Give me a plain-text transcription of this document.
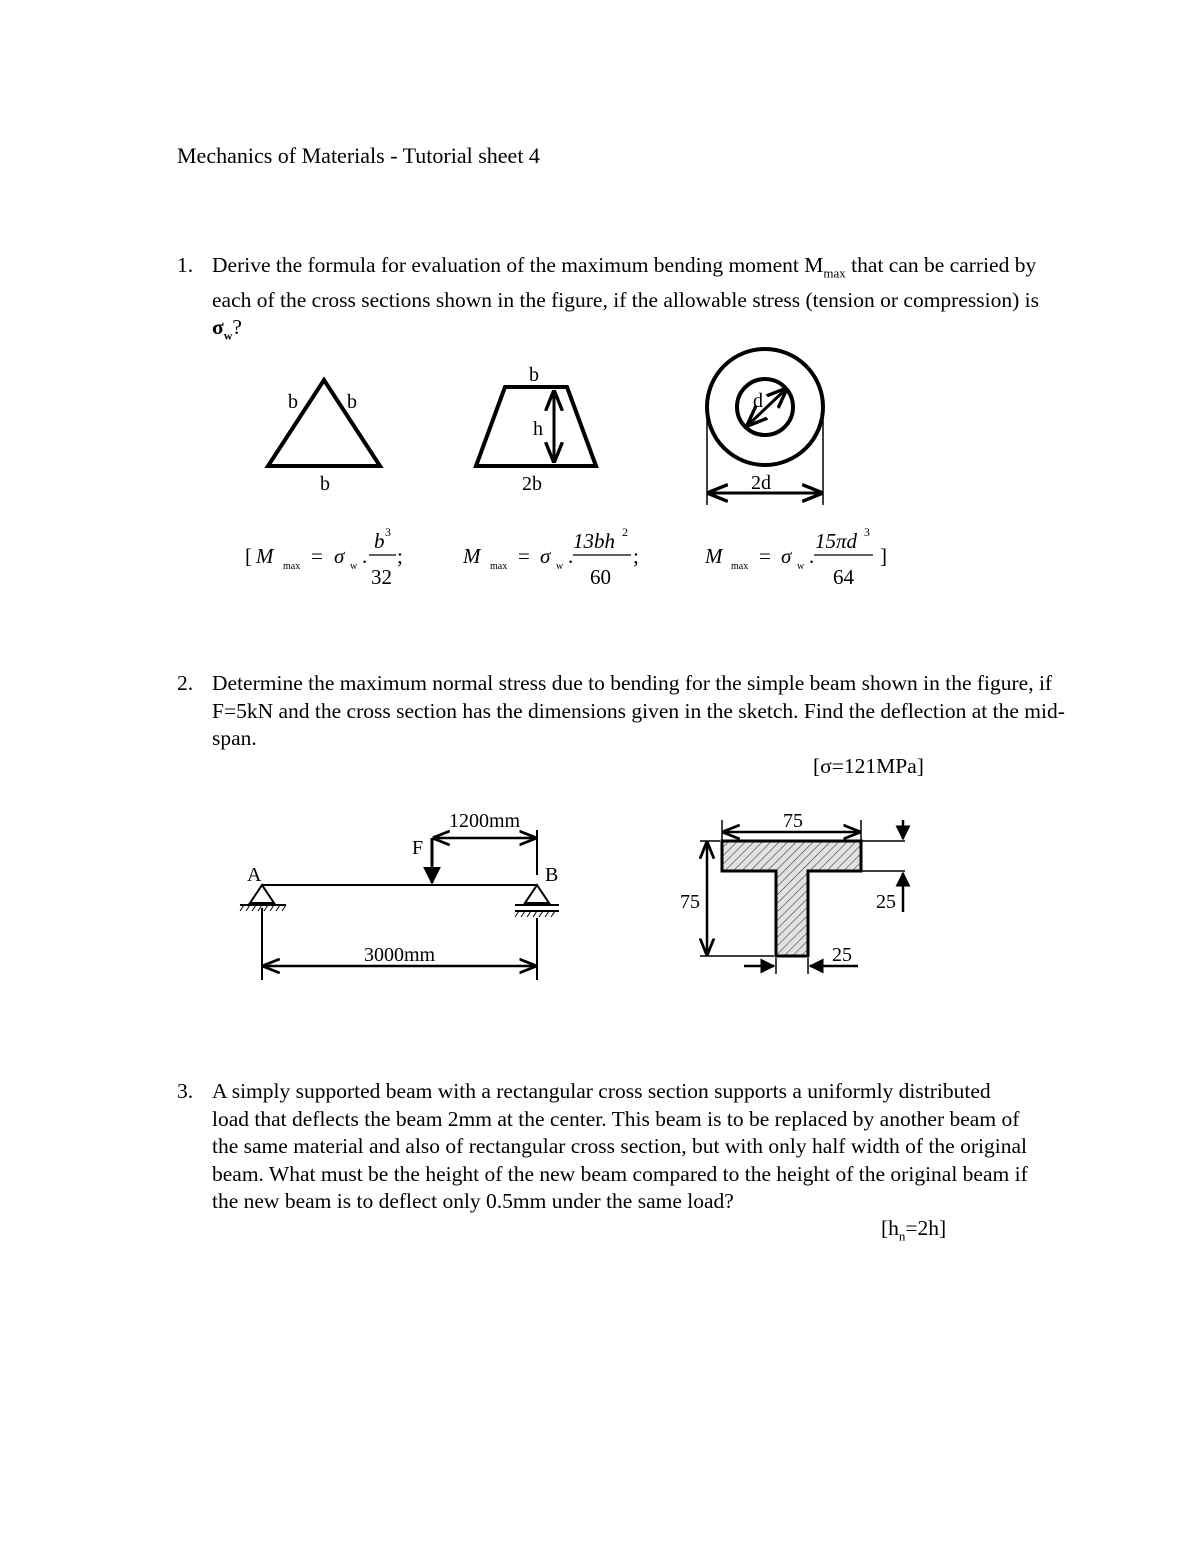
Mechanics of Materials - Tutorial sheet 4
1. Derive the formula for evaluation of the maximum bending moment $M_{max}$ that can be carried by each of the cross sections shown in the figure, if the allowable stress (tension or compression) is $\sigma_w$?
2. Determine the maximum normal stress due to bending for the simple beam shown in the figure, if F=5kN and the cross section has the dimensions given in the sketch. Find the deflection at the mid-span.
[σ=121MPa]
3. A simply supported beam with a rectangular cross section supports a uniformly distributed load that deflects the beam 2mm at the center. This beam is to be replaced by another beam of the same material and also of rectangular cross section, but with only half width of the original beam. What must be the height of the new beam compared to the height of the original beam if the new beam is to deflect only 0.5mm under the same load?
$[h_n=2h]$
b b
b
b
h
2b
d
2d
[ M max = σ w .
b 3
32
;	M max = σ w .
13bh 2
60
;	M max = σ w .
15πd 3
64
]
A	B
F
1200mm
3000mm
75
75	25
25
